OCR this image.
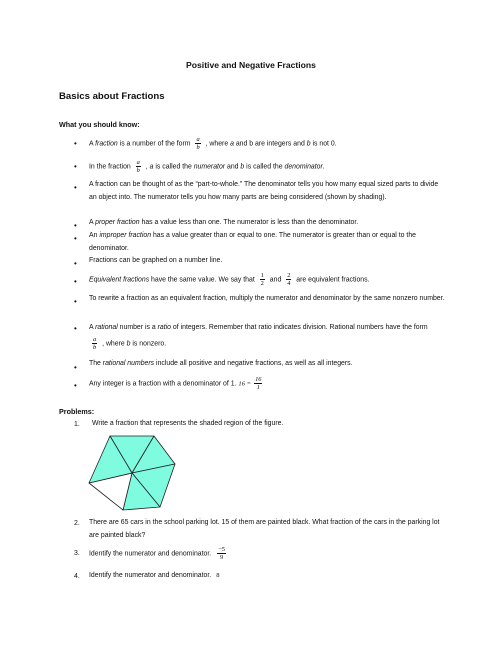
Positive and Negative Fractions
Basics about Fractions
What you should know:
• A fraction is a number of the form $\frac{a}{b}$ , where a and b are integers and b is not 0.
• In the fraction $\frac{a}{b}$ , a is called the numerator and b is called the denominator.
• A fraction can be thought of as the “part-to-whole.” The denominator tells you how many equal sized parts to divide an object into. The numerator tells you how many parts are being considered (shown by shading).
• A proper fraction has a value less than one. The numerator is less than the denominator.
• An improper fraction has a value greater than or equal to one. The numerator is greater than or equal to the denominator.
• Fractions can be graphed on a number line.
• Equivalent fractions have the same value. We say that $\frac{1}{2}$ and $\frac{2}{4}$ are equivalent fractions.
• To rewrite a fraction as an equivalent fraction, multiply the numerator and denominator by the same nonzero number.
• A rational number is a ratio of integers. Remember that ratio indicates division. Rational numbers have the form
$\frac{a}{b}$ , where b is nonzero.
• The rational numbers include all positive and negative fractions, as well as all integers.
• Any integer is a fraction with a denominator of 1. $16 = \frac{16}{1}$
Problems:
1. Write a fraction that represents the shaded region of the figure.
2. There are 65 cars in the school parking lot. 15 of them are painted black. What fraction of the cars in the parking lot are painted black?
3. Identify the numerator and denominator. $\frac{-5}{9}$
4. Identify the numerator and denominator. 8
